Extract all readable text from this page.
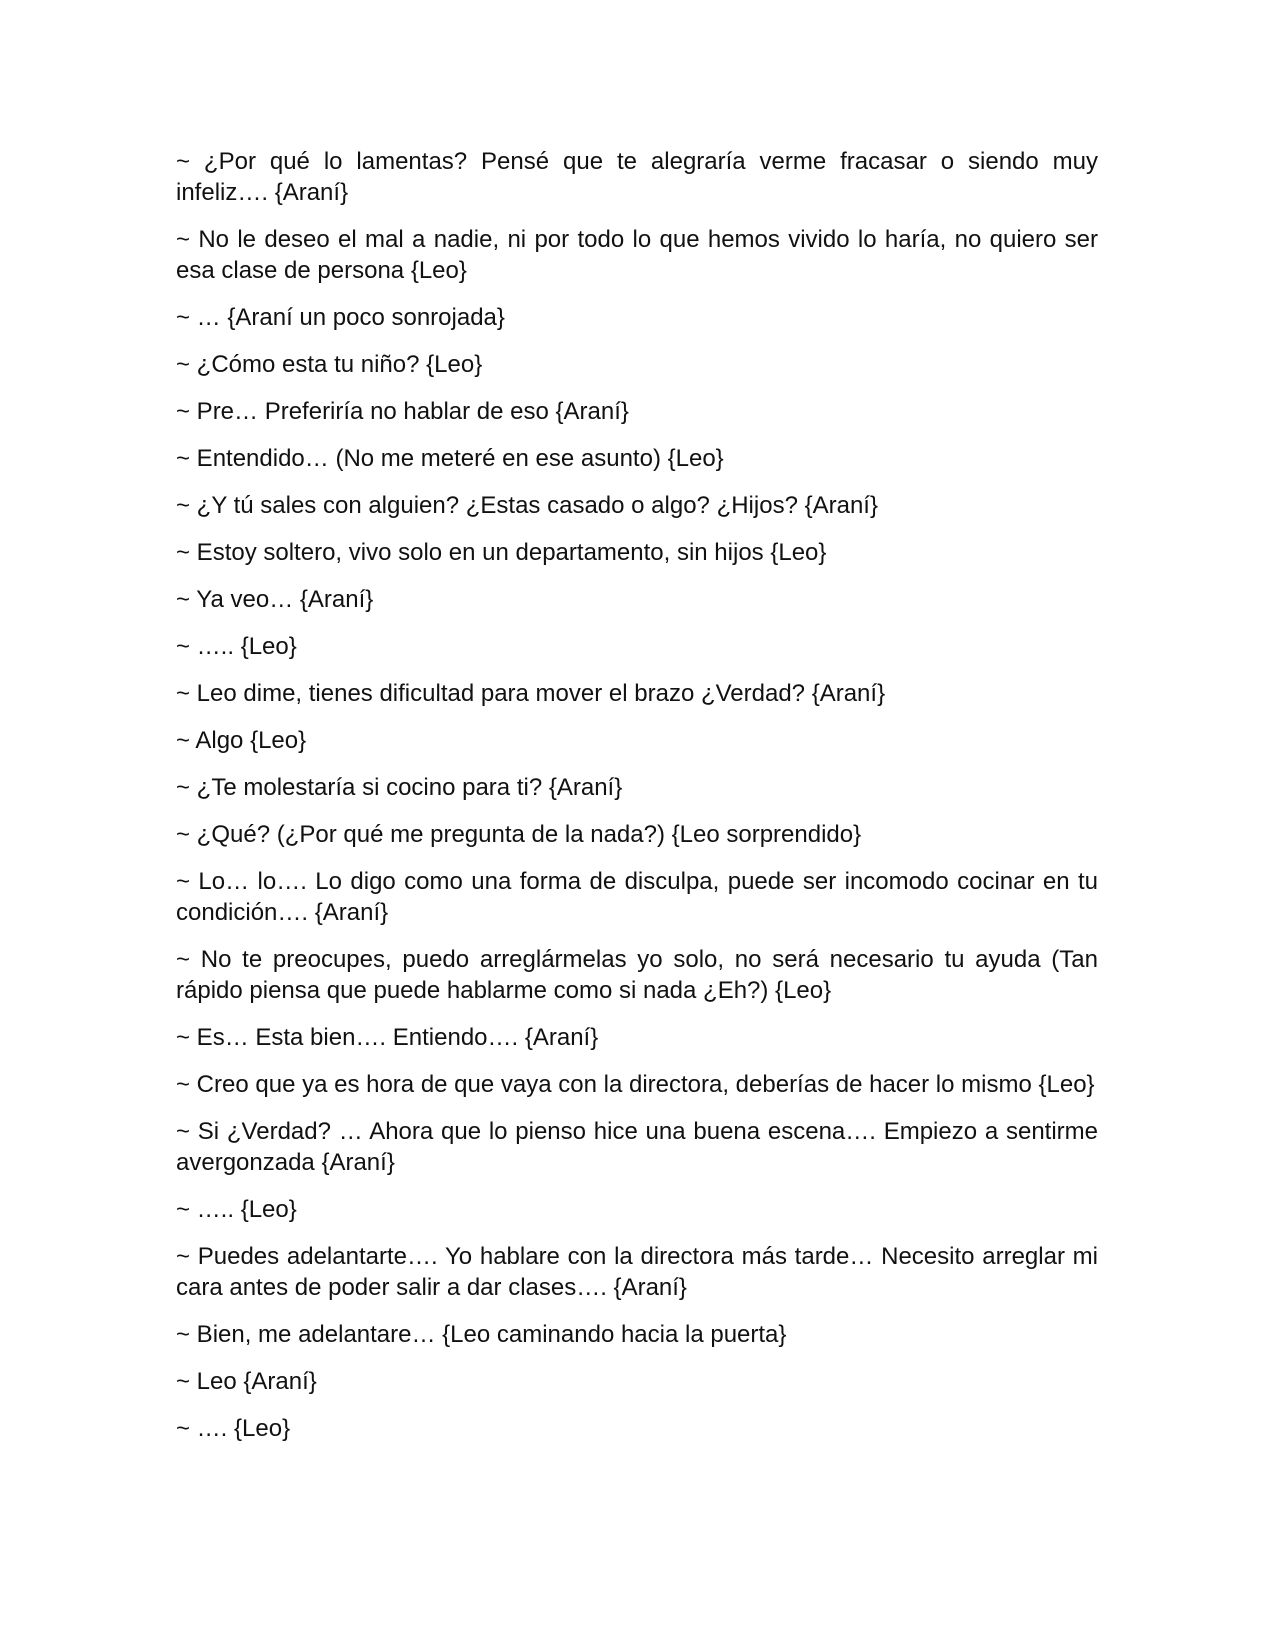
~ ¿Por qué lo lamentas? Pensé que te alegraría verme fracasar o siendo muy infeliz…. {Araní}

~ No le deseo el mal a nadie, ni por todo lo que hemos vivido lo haría, no quiero ser esa clase de persona {Leo}

~ … {Araní un poco sonrojada}

~ ¿Cómo esta tu niño? {Leo}

~ Pre… Preferiría no hablar de eso {Araní}

~ Entendido… (No me meteré en ese asunto) {Leo}

~ ¿Y tú sales con alguien? ¿Estas casado o algo? ¿Hijos? {Araní}

~ Estoy soltero, vivo solo en un departamento, sin hijos {Leo}

~ Ya veo… {Araní}

~ ….. {Leo}

~ Leo dime, tienes dificultad para mover el brazo ¿Verdad? {Araní}

~ Algo {Leo}

~ ¿Te molestaría si cocino para ti? {Araní}

~ ¿Qué? (¿Por qué me pregunta de la nada?) {Leo sorprendido}

~ Lo… lo…. Lo digo como una forma de disculpa, puede ser incomodo cocinar en tu condición…. {Araní}

~ No te preocupes, puedo arreglármelas yo solo, no será necesario tu ayuda (Tan rápido piensa que puede hablarme como si nada ¿Eh?) {Leo}

~ Es… Esta bien…. Entiendo…. {Araní}

~ Creo que ya es hora de que vaya con la directora, deberías de hacer lo mismo {Leo}

~ Si ¿Verdad? … Ahora que lo pienso hice una buena escena…. Empiezo a sentirme avergonzada {Araní}

~ ….. {Leo}

~ Puedes adelantarte…. Yo hablare con la directora más tarde… Necesito arreglar mi cara antes de poder salir a dar clases…. {Araní}

~ Bien, me adelantare… {Leo caminando hacia la puerta}

~ Leo {Araní}

~ …. {Leo}
